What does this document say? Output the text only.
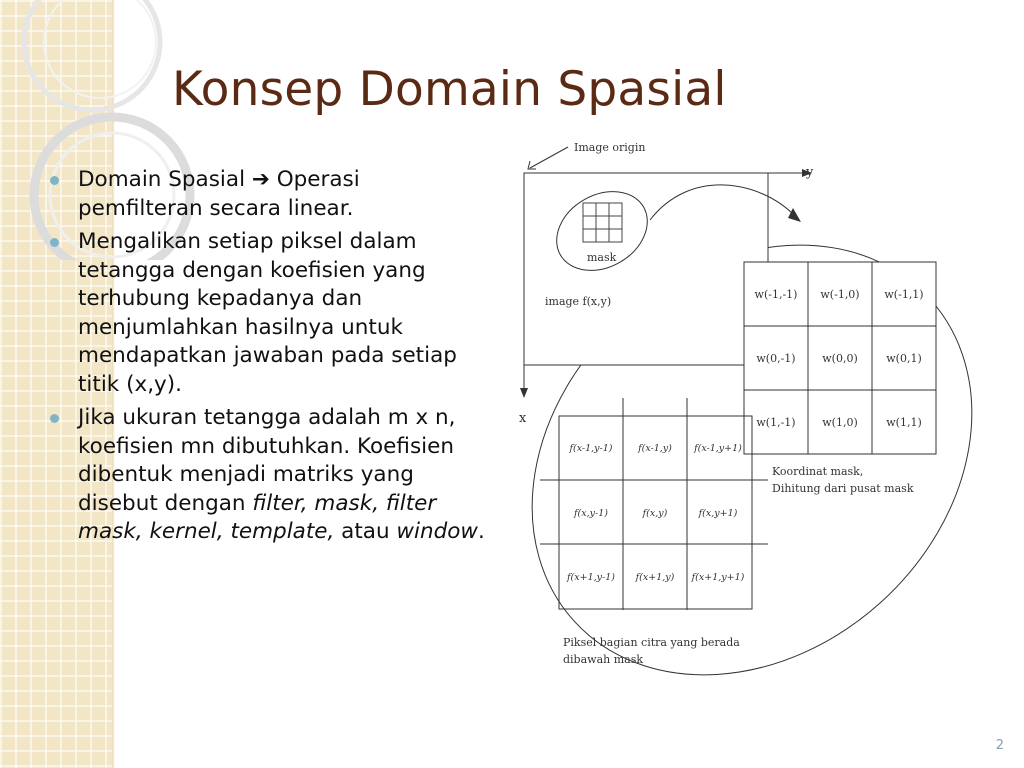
Konsep Domain Spasial
Domain Spasial ➔ Operasi pemfilteran secara linear.
Mengalikan setiap piksel dalam tetangga dengan koefisien yang terhubung kepadanya dan menjumlahkan hasilnya untuk mendapatkan jawaban pada setiap titik (x,y).
Jika ukuran tetangga adalah m x n, koefisien mn dibutuhkan. Koefisien dibentuk menjadi matriks yang disebut dengan filter, mask, filter mask, kernel, template, atau window.
y
x
Image origin
mask
image f(x,y)
w(-1,-1) w(-1,0) w(-1,1)
w(0,-1) w(0,0)	w(0,1)
w(1,-1) w(1,0)	w(1,1)
Koordinat mask,
Dihitung dari pusat mask
f(x-1,y-1)	f(x-1,y) f(x-1,y+1)
f(x,y-1)	f(x,y)	f(x,y+1)
f(x+1,y-1) f(x+1,y) f(x+1,y+1)
Piksel bagian citra yang berada
dibawah mask
2
